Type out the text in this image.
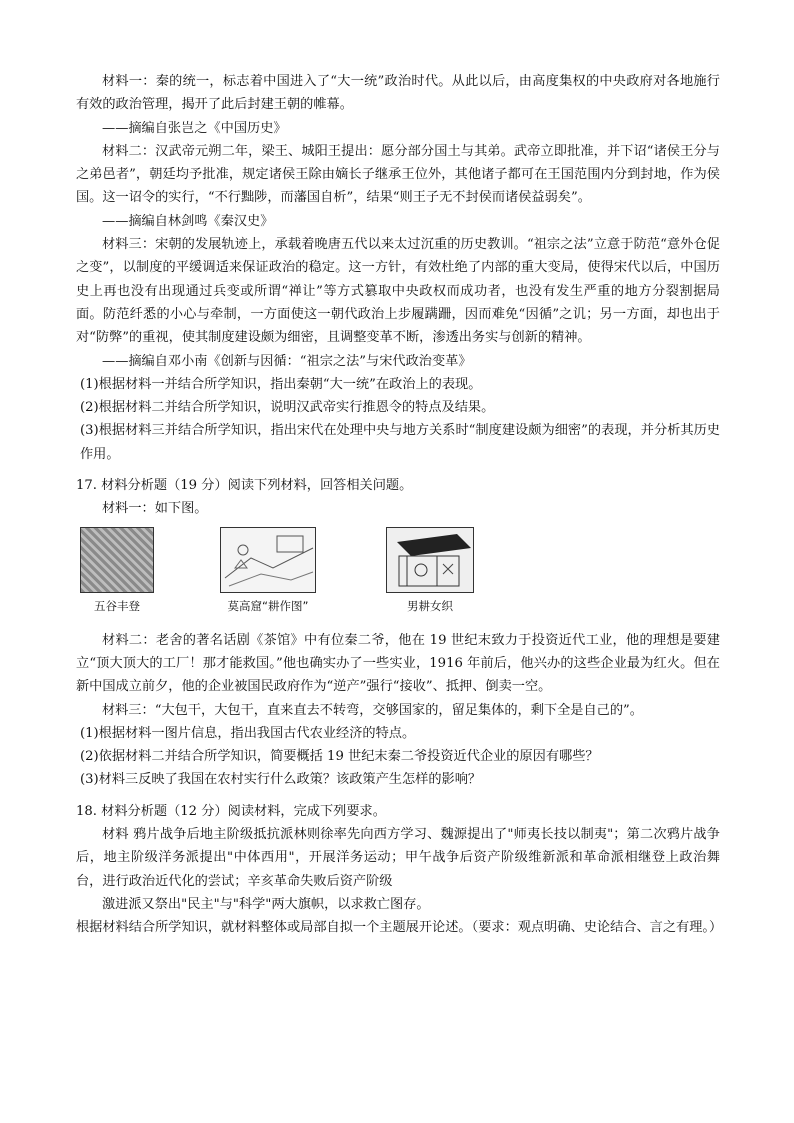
材料一：秦的统一，标志着中国进入了“大一统”政治时代。从此以后，由高度集权的中央政府对各地施行有效的政治管理，揭开了此后封建王朝的帷幕。

——摘编自张岂之《中国历史》

材料二：汉武帝元朔二年，梁王、城阳王提出：愿分部分国土与其弟。武帝立即批准，并下诏“诸侯王分与之弟邑者”，朝廷均予批准，规定诸侯王除由嫡长子继承王位外，其他诸子都可在王国范围内分到封地，作为侯国。这一诏令的实行，“不行黜陟，而藩国自析”，结果“则王子无不封侯而诸侯益弱矣”。

——摘编自林剑鸣《秦汉史》

材料三：宋朝的发展轨迹上，承载着晚唐五代以来太过沉重的历史教训。“祖宗之法”立意于防范“意外仓促之变”，以制度的平缓调适来保证政治的稳定。这一方针，有效杜绝了内部的重大变局，使得宋代以后，中国历史上再也没有出现通过兵变或所谓“禅让”等方式篡取中央政权而成功者，也没有发生严重的地方分裂割据局面。防范纤悉的小心与牵制，一方面使这一朝代政治上步履蹒跚，因而难免“因循”之讥；另一方面，却也出于对“防弊”的重视，使其制度建设颇为细密，且调整变革不断，渗透出务实与创新的精神。

——摘编自邓小南《创新与因循：“祖宗之法”与宋代政治变革》

(1)根据材料一并结合所学知识，指出秦朝“大一统”在政治上的表现。

(2)根据材料二并结合所学知识，说明汉武帝实行推恩令的特点及结果。

(3)根据材料三并结合所学知识，指出宋代在处理中央与地方关系时“制度建设颇为细密”的表现，并分析其历史作用。

17. 材料分析题（19 分）阅读下列材料，回答相关问题。

材料一：如下图。

五谷丰登	莫高窟“耕作图”	男耕女织

材料二：老舍的著名话剧《茶馆》中有位秦二爷，他在 19 世纪末致力于投资近代工业，他的理想是要建立“顶大顶大的工厂！那才能救国。”他也确实办了一些实业，1916 年前后，他兴办的这些企业最为红火。但在新中国成立前夕，他的企业被国民政府作为“逆产”强行“接收”、抵押、倒卖一空。

材料三：“大包干，大包干，直来直去不转弯，交够国家的，留足集体的，剩下全是自己的”。

(1)根据材料一图片信息，指出我国古代农业经济的特点。

(2)依据材料二并结合所学知识，简要概括 19 世纪末秦二爷投资近代企业的原因有哪些？

(3)材料三反映了我国在农村实行什么政策？该政策产生怎样的影响？

18. 材料分析题（12 分）阅读材料，完成下列要求。

材料 鸦片战争后地主阶级抵抗派林则徐率先向西方学习、魏源提出了"师夷长技以制夷"；第二次鸦片战争后，地主阶级洋务派提出"中体西用"，开展洋务运动；甲午战争后资产阶级维新派和革命派相继登上政治舞台，进行政治近代化的尝试；辛亥革命失败后资产阶级

激进派又祭出"民主"与"科学"两大旗帜，以求救亡图存。

根据材料结合所学知识，就材料整体或局部自拟一个主题展开论述。（要求：观点明确、史论结合、言之有理。）
